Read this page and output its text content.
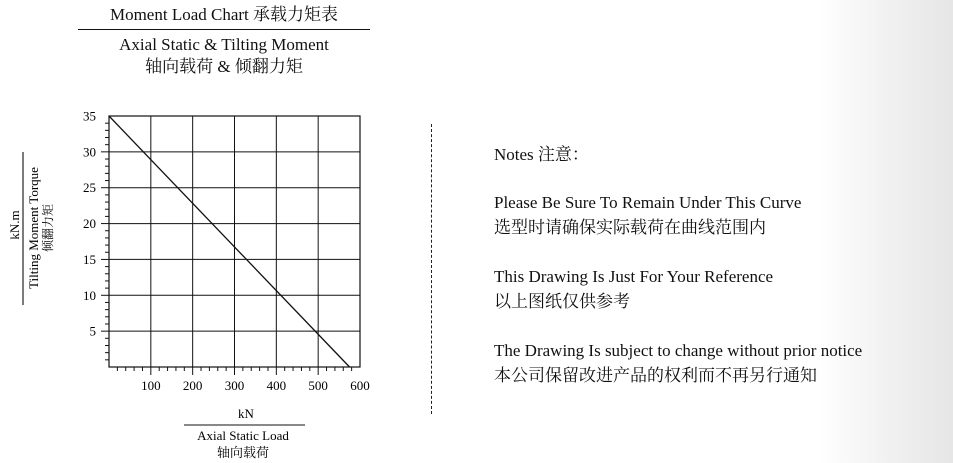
Moment Load Chart 承载力矩表
Axial Static & Tilting Moment
轴向载荷 & 倾翻力矩
100 200 300 400 500 600
5
10
15
20
25
30
35
kN
Axial Static Load
轴向载荷
kN.m Tilting Moment Torque 倾翻力矩
Notes 注意：
Please Be Sure To Remain Under This Curve
选型时请确保实际载荷在曲线范围内
This Drawing Is Just For Your Reference
以上图纸仅供参考
The Drawing Is subject to change without prior notice
本公司保留改进产品的权利而不再另行通知
